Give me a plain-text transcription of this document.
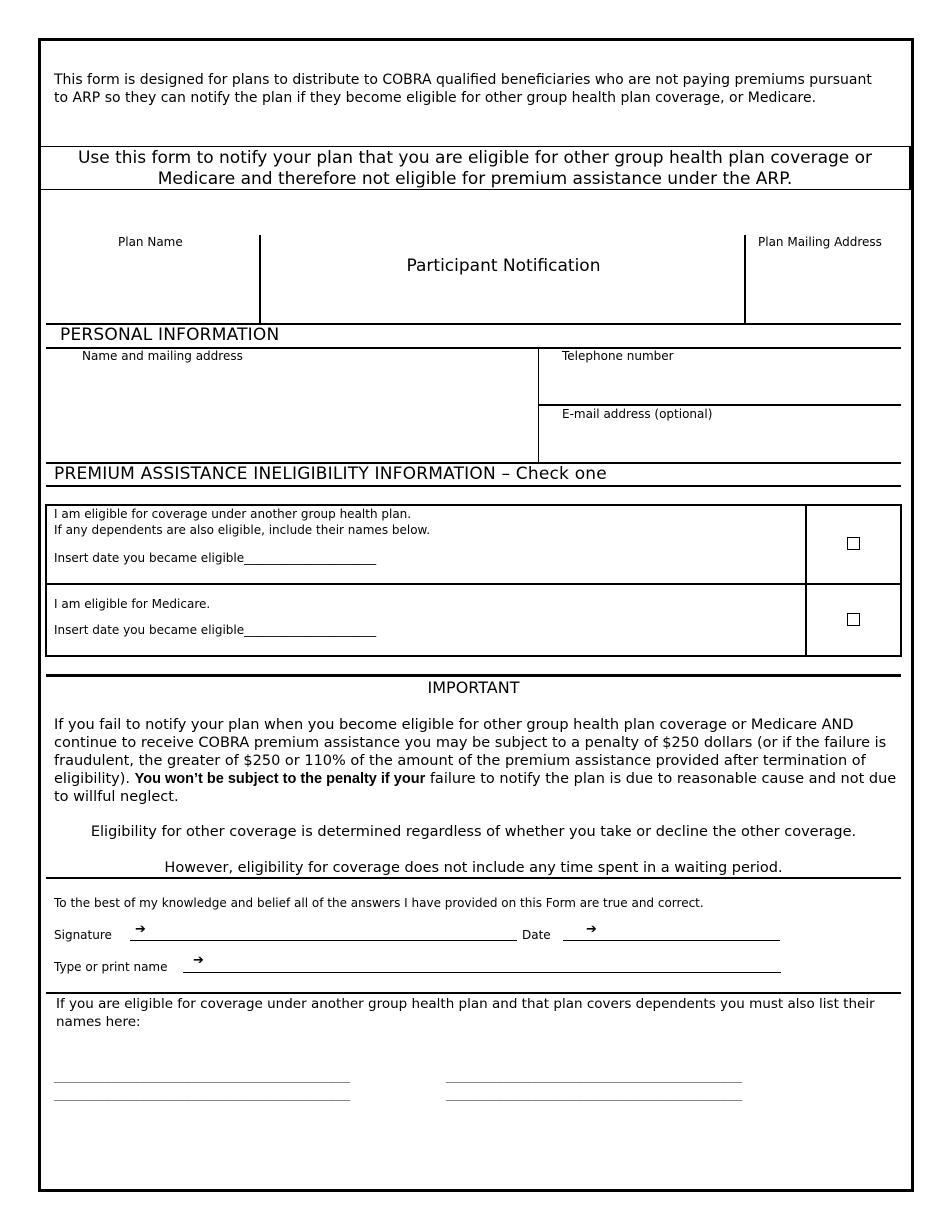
This form is designed for plans to distribute to COBRA qualified beneficiaries who are not paying premiums pursuant to ARP so they can notify the plan if they become eligible for other group health plan coverage, or Medicare.
Use this form to notify your plan that you are eligible for other group health plan coverage or Medicare and therefore not eligible for premium assistance under the ARP.
Plan Name
Participant Notification
Plan Mailing Address
PERSONAL INFORMATION
Name and mailing address	Telephone number
E-mail address (optional)
PREMIUM ASSISTANCE INELIGIBILITY INFORMATION – Check one
I am eligible for coverage under another group health plan.
If any dependents are also eligible, include their names below.
Insert date you became eligible______________________
I am eligible for Medicare.
Insert date you became eligible______________________
IMPORTANT
If you fail to notify your plan when you become eligible for other group health plan coverage or Medicare AND continue to receive COBRA premium assistance you may be subject to a penalty of $250 dollars (or if the failure is fraudulent, the greater of $250 or 110% of the amount of the premium assistance provided after termination of eligibility). You won’t be subject to the penalty if your failure to notify the plan is due to reasonable cause and not due to willful neglect.
Eligibility for other coverage is determined regardless of whether you take or decline the other coverage.
However, eligibility for coverage does not include any time spent in a waiting period.
To the best of my knowledge and belief all of the answers I have provided on this Form are true and correct.
Signature ➔	Date	➔
Type or print name ➔
If you are eligible for coverage under another group health plan and that plan covers dependents you must also list their names here:
_________________________________________	_________________________________________
_________________________________________	_________________________________________
